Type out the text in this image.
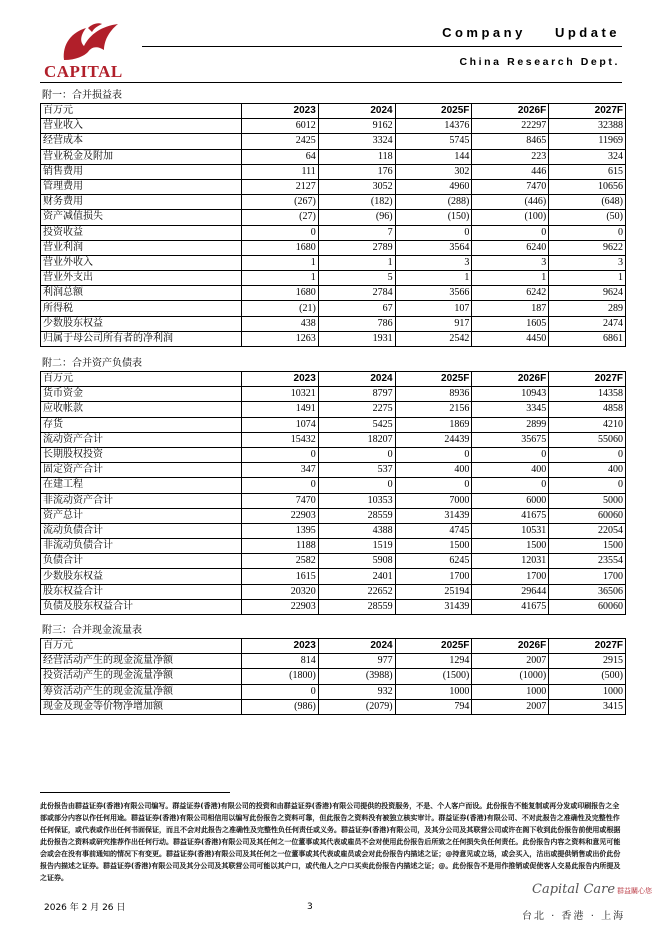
CAPITAL
Company Update
China Research Dept.
附一：合并损益表
百万元	2023	2024	2025F	2026F	2027F
营业收入	6012	9162	14376	22297	32388
经营成本	2425	3324	5745	8465	11969
营业税金及附加	64	118	144	223	324
销售费用	111	176	302	446	615
管理费用	2127	3052	4960	7470	10656
财务费用	(267)	(182)	(288)	(446)	(648)
资产减值损失	(27)	(96)	(150)	(100)	(50)
投资收益	0	7	0	0	0
营业利润	1680	2789	3564	6240	9622
营业外收入	1	1	3	3	3
营业外支出	1	5	1	1	1
利润总额	1680	2784	3566	6242	9624
所得税	(21)	67	107	187	289
少数股东权益	438	786	917	1605	2474
归属于母公司所有者的净利润	1263	1931	2542	4450	6861
附二：合并资产负债表
百万元	2023	2024	2025F	2026F	2027F
货币资金	10321	8797	8936	10943	14358
应收帐款	1491	2275	2156	3345	4858
存货	1074	5425	1869	2899	4210
流动资产合计	15432	18207	24439	35675	55060
长期股权投资	0	0	0	0	0
固定资产合计	347	537	400	400	400
在建工程	0	0	0	0	0
非流动资产合计	7470	10353	7000	6000	5000
资产总计	22903	28559	31439	41675	60060
流动负债合计	1395	4388	4745	10531	22054
非流动负债合计	1188	1519	1500	1500	1500
负债合计	2582	5908	6245	12031	23554
少数股东权益	1615	2401	1700	1700	1700
股东权益合计	20320	22652	25194	29644	36506
负债及股东权益合计	22903	28559	31439	41675	60060
附三：合并现金流量表
百万元	2023	2024	2025F	2026F	2027F
经营活动产生的现金流量净额	814	977	1294	2007	2915
投资活动产生的现金流量净额	(1800)	(3988)	(1500)	(1000)	(500)
筹资活动产生的现金流量净额	0	932	1000	1000	1000
现金及现金等价物净增加额	(986)	(2079)	794	2007	3415
此份报告由群益证券(香港)有限公司编写。群益证券(香港)有限公司的投资和由群益证券(香港)有限公司提供的投资服务，不是、个人客户而设。此份报告不能复制或再分发或印刷报告之全部或部分内容以作任何用途。群益证券(香港)有限公司相信用以编写此份报告之资料可靠，但此报告之资料没有被独立核实审计。群益证券(香港)有限公司、不对此报告之准确性及完整性作任何保证，或代表或作出任何书面保证，而且不会对此报告之准确性及完整性负任何责任或义务。群益证券(香港)有限公司，及其分公司及其联营公司或许在阁下收到此份报告前使用或根据此份报告之资料或研究推荐作出任何行动。群益证券(香港)有限公司及其任何之一位董事或其代表或雇员不会对使用此份报告后所致之任何损失负任何责任。此份报告内容之资料和意见可能会或会在没有事前通知的情况下有变更。群益证券(香港)有限公司及其任何之一位董事或其代表或雇员或会对此份报告内描述之证；@持意见或立场，或会买入，沽出或提供销售或出价此份报告内描述之证券。群益证券(香港)有限公司及其分公司及其联营公司可能以其户口，或代他人之户口买卖此份报告内描述之证；@。此份报告不是用作推销或促使客人交易此报告内所提及之证券。
2026 年 2 月 26 日	3
Capital Care 群益關心您
台北 · 香港 · 上海
